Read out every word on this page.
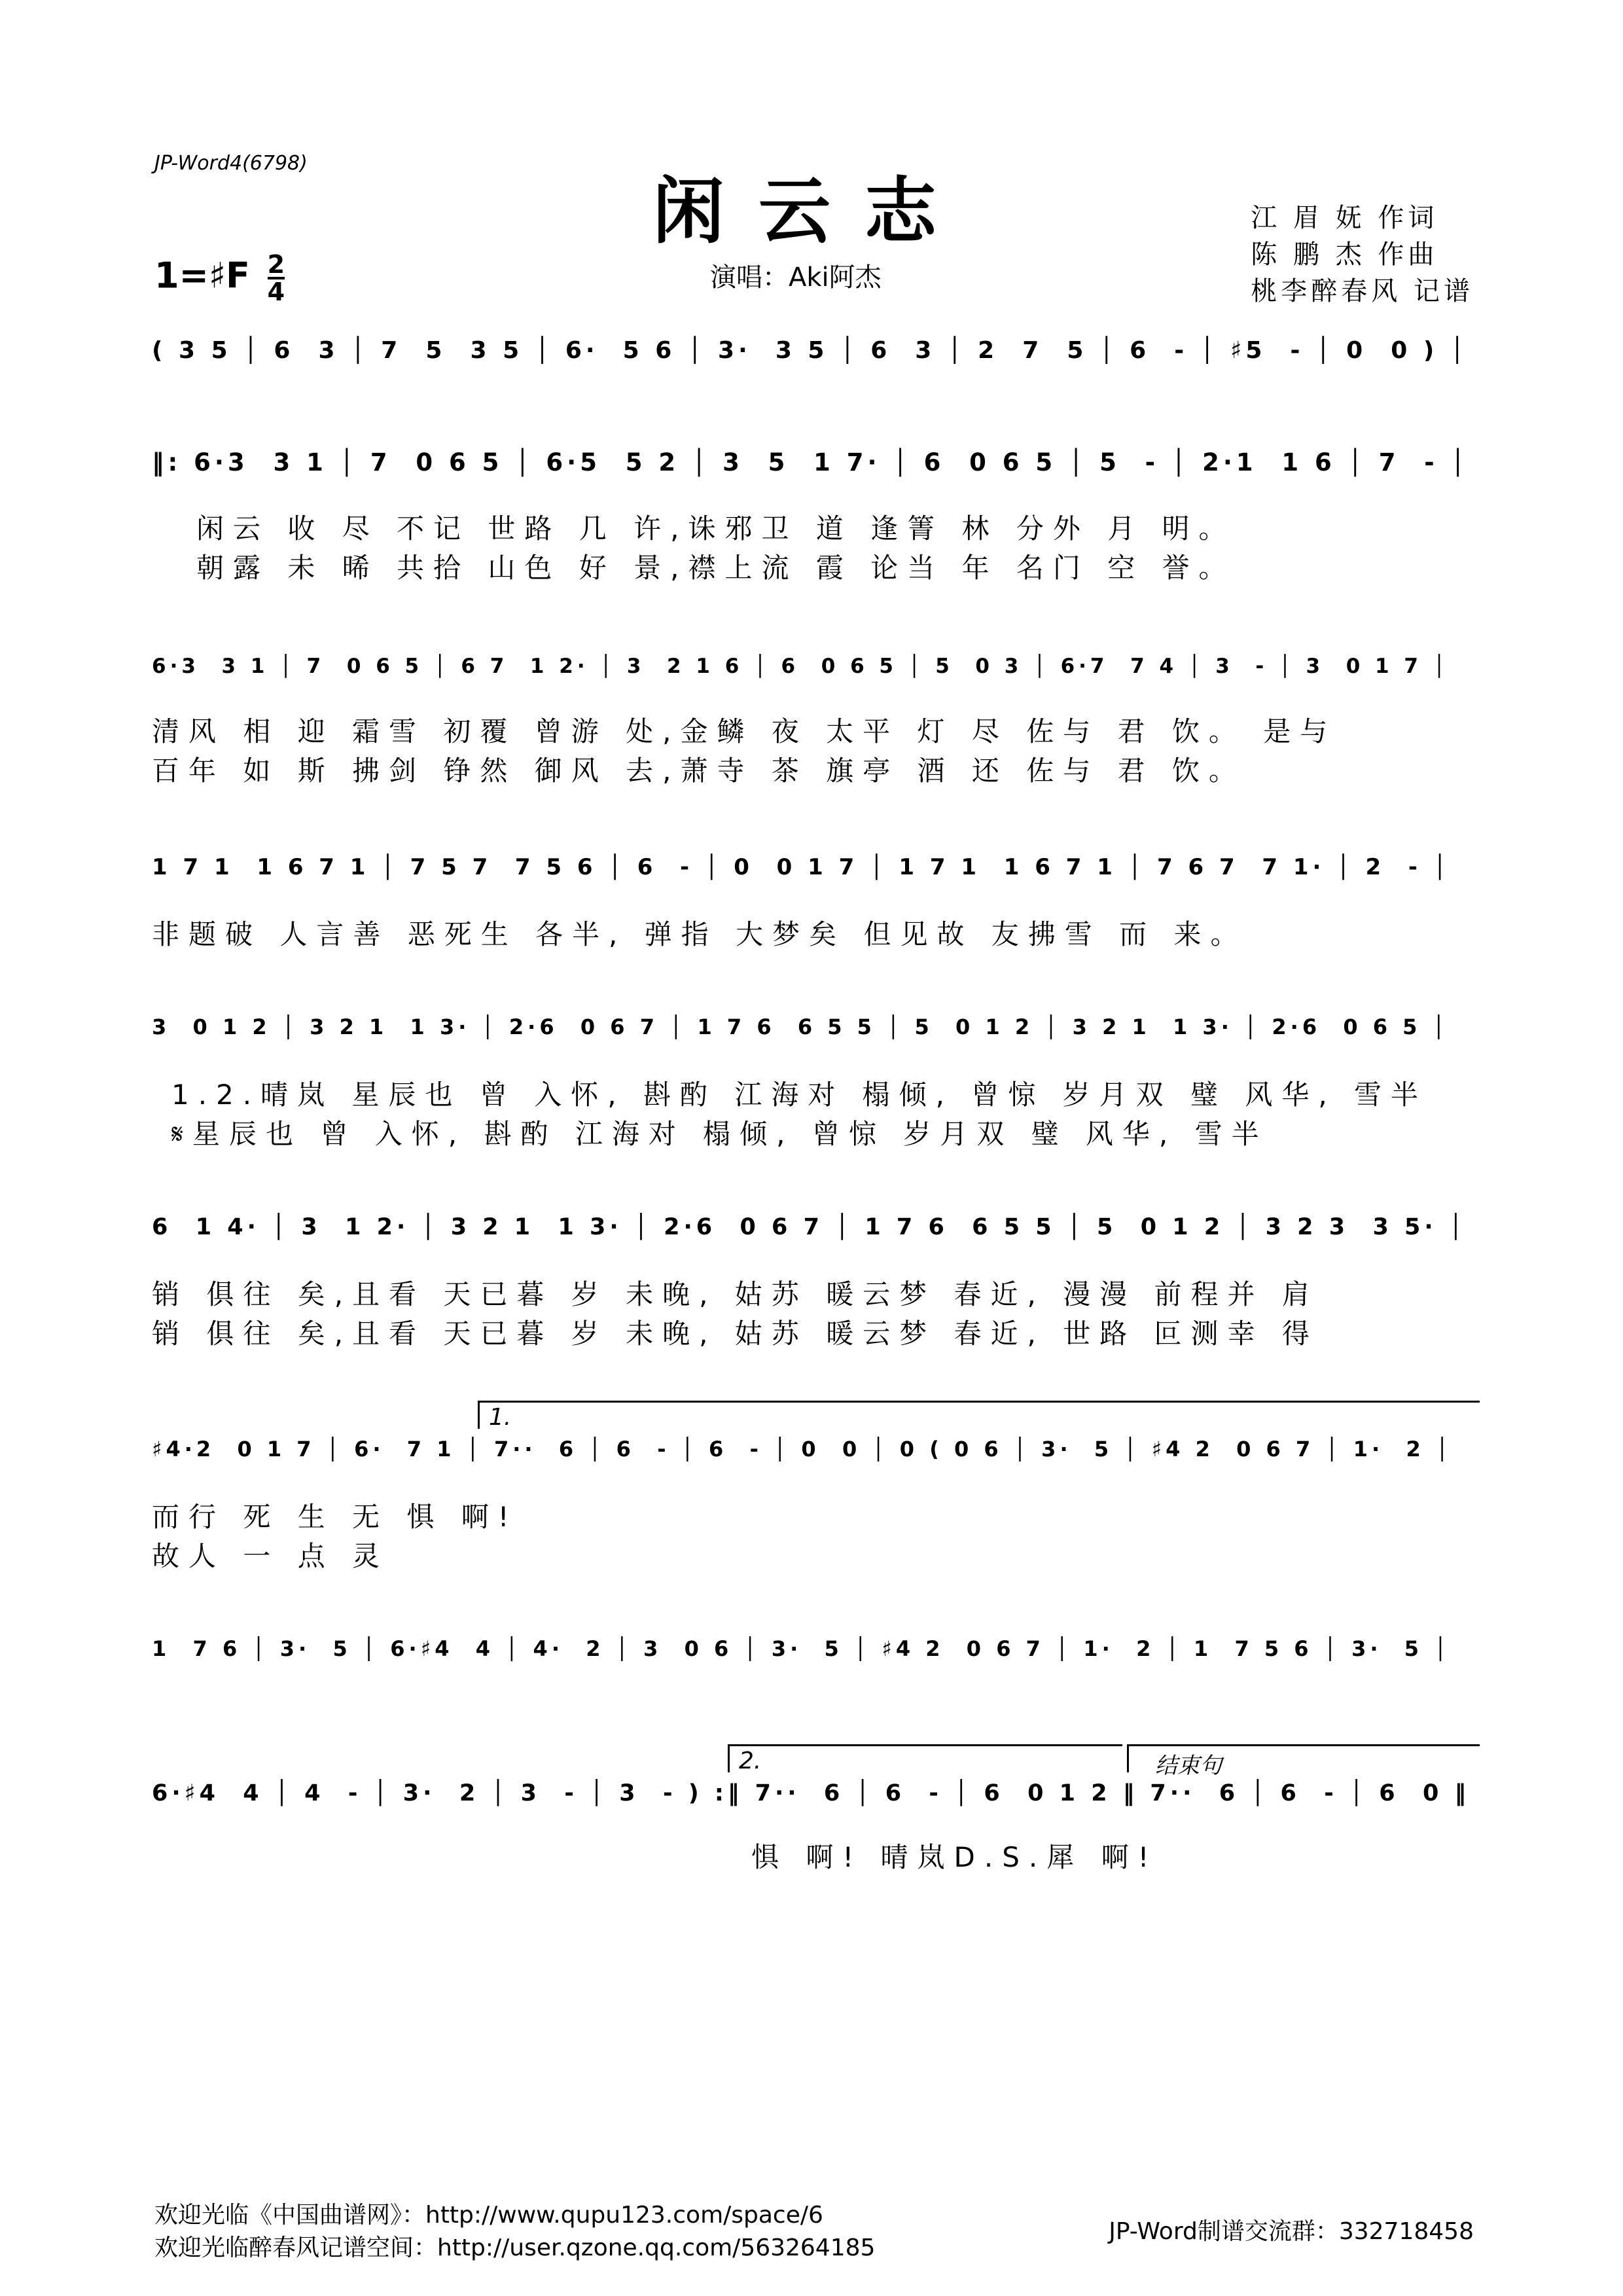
JP-Word4(6798)
闲云志
1=♯F $\frac{2}{4}$	演唱：Aki阿杰
江 眉 妩 作词
陈 鹏 杰 作曲
桃李醉春风 记谱
( 3 5 │ 6  3 │ 7  5  3 5 │ 6·  5 6 │ 3·  3 5 │ 6  3 │ 2  7  5 │ 6  - │ ♯5  - │ 0  0 ) │
‖: 6·3  3 1 │ 7  0 6 5 │ 6·5  5 2 │ 3  5  1 7· │ 6  0 6 5 │ 5  - │ 2·1  1 6 │ 7  - │
闲云 收 尽 不记 世路 几 许,诛邪卫 道 逢箐 林 分外 月 明。
朝露 未 晞 共拾 山色 好 景,襟上流 霞 论当 年 名门 空 誉。
6·3  3 1 │ 7  0 6 5 │ 6 7  1 2· │ 3  2 1 6 │ 6  0 6 5 │ 5  0 3 │ 6·7  7 4 │ 3  - │ 3  0 1 7 │
清风 相 迎 霜雪 初覆 曾游 处,金鳞 夜 太平 灯 尽 佐与 君 饮。 是与
百年 如 斯 拂剑 铮然 御风 去,萧寺 茶 旗亭 酒 还 佐与 君 饮。
1 7 1  1 6 7 1 │ 7 5 7  7 5 6 │ 6  - │ 0  0 1 7 │ 1 7 1  1 6 7 1 │ 7 6 7  7 1· │ 2  - │
非题破 人言善 恶死生 各半, 弹指 大梦矣 但见故 友拂雪 而 来。
3  0 1 2 │ 3 2 1  1 3· │ 2·6  0 6 7 │ 1 7 6  6 5 5 │ 5  0 1 2 │ 3 2 1  1 3· │ 2·6  0 6 5 │
1.2.晴岚 星辰也 曾 入怀, 斟酌 江海对 榻倾, 曾惊 岁月双 璧 风华, 雪半
𝄋星辰也 曾 入怀, 斟酌 江海对 榻倾, 曾惊 岁月双 璧 风华, 雪半
6  1 4· │ 3  1 2· │ 3 2 1  1 3· │ 2·6  0 6 7 │ 1 7 6  6 5 5 │ 5  0 1 2 │ 3 2 3  3 5· │
销 俱往 矣,且看 天已暮 岁 未晚, 姑苏 暖云梦 春近, 漫漫 前程并 肩
销 俱往 矣,且看 天已暮 岁 未晚, 姑苏 暖云梦 春近, 世路 叵测幸 得
1.
♯4·2  0 1 7 │ 6·  7 1 │ 7··  6 │ 6  - │ 6  - │ 0  0 │ 0 ( 0 6 │ 3·  5 │ ♯4 2  0 6 7 │ 1·  2 │
而行 死 生 无 惧 啊!
故人 一 点 灵
1  7 6 │ 3·  5 │ 6·♯4  4 │ 4·  2 │ 3  0 6 │ 3·  5 │ ♯4 2  0 6 7 │ 1·  2 │ 1  7 5 6 │ 3·  5 │
2.	结束句
6·♯4  4 │ 4  - │ 3·  2 │ 3  - │ 3  - ) :‖ 7··  6 │ 6  - │ 6  0 1 2 ‖ 7··  6 │ 6  - │ 6  0 ‖
惧 啊! 晴岚D.S.犀 啊!
欢迎光临《中国曲谱网》：http://www.qupu123.com/space/6
欢迎光临醉春风记谱空间：http://user.qzone.qq.com/563264185
JP-Word制谱交流群：332718458
